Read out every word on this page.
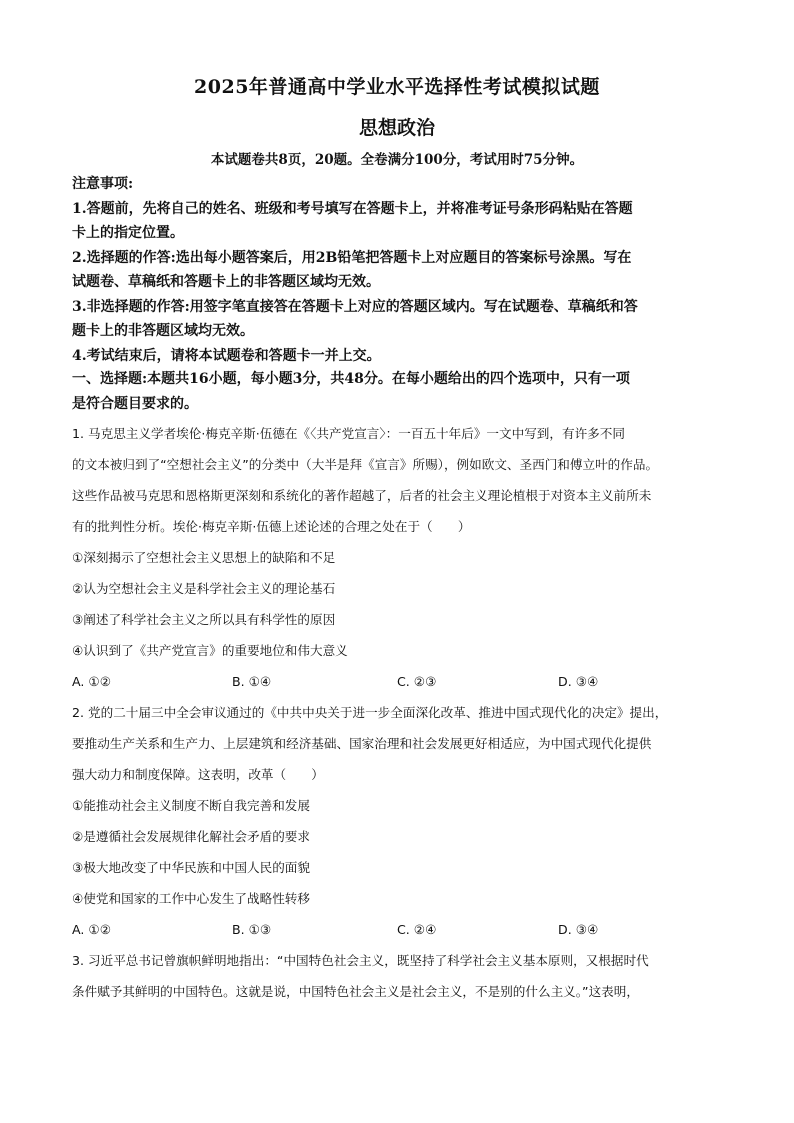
2025年普通高中学业水平选择性考试模拟试题
思想政治
本试题卷共8页，20题。全卷满分100分，考试用时75分钟。
注意事项:
1.答题前，先将自己的姓名、班级和考号填写在答题卡上，并将准考证号条形码粘贴在答题
卡上的指定位置。
2.选择题的作答:选出每小题答案后，用2B铅笔把答题卡上对应题目的答案标号涂黑。写在
试题卷、草稿纸和答题卡上的非答题区域均无效。
3.非选择题的作答:用签字笔直接答在答题卡上对应的答题区域内。写在试题卷、草稿纸和答
题卡上的非答题区域均无效。
4.考试结束后，请将本试题卷和答题卡一并上交。
一、选择题:本题共16小题，每小题3分，共48分。在每小题给出的四个选项中，只有一项
是符合题目要求的。
1. 马克思主义学者埃伦·梅克辛斯·伍德在《〈共产党宣言〉：一百五十年后》一文中写到，有许多不同
的文本被归到了“空想社会主义”的分类中（大半是拜《宣言》所赐），例如欧文、圣西门和傅立叶的作品。
这些作品被马克思和恩格斯更深刻和系统化的著作超越了，后者的社会主义理论植根于对资本主义前所未
有的批判性分析。埃伦·梅克辛斯·伍德上述论述的合理之处在于（　　）
①深刻揭示了空想社会主义思想上的缺陷和不足
②认为空想社会主义是科学社会主义的理论基石
③阐述了科学社会主义之所以具有科学性的原因
④认识到了《共产党宣言》的重要地位和伟大意义
A. ①②	B. ①④	C. ②③	D. ③④
2. 党的二十届三中全会审议通过的《中共中央关于进一步全面深化改革、推进中国式现代化的决定》提出，
要推动生产关系和生产力、上层建筑和经济基础、国家治理和社会发展更好相适应，为中国式现代化提供
强大动力和制度保障。这表明，改革（　　）
①能推动社会主义制度不断自我完善和发展
②是遵循社会发展规律化解社会矛盾的要求
③极大地改变了中华民族和中国人民的面貌
④使党和国家的工作中心发生了战略性转移
A. ①②	B. ①③	C. ②④	D. ③④
3. 习近平总书记曾旗帜鲜明地指出：“中国特色社会主义，既坚持了科学社会主义基本原则，又根据时代
条件赋予其鲜明的中国特色。这就是说，中国特色社会主义是社会主义，不是别的什么主义。”这表明，
